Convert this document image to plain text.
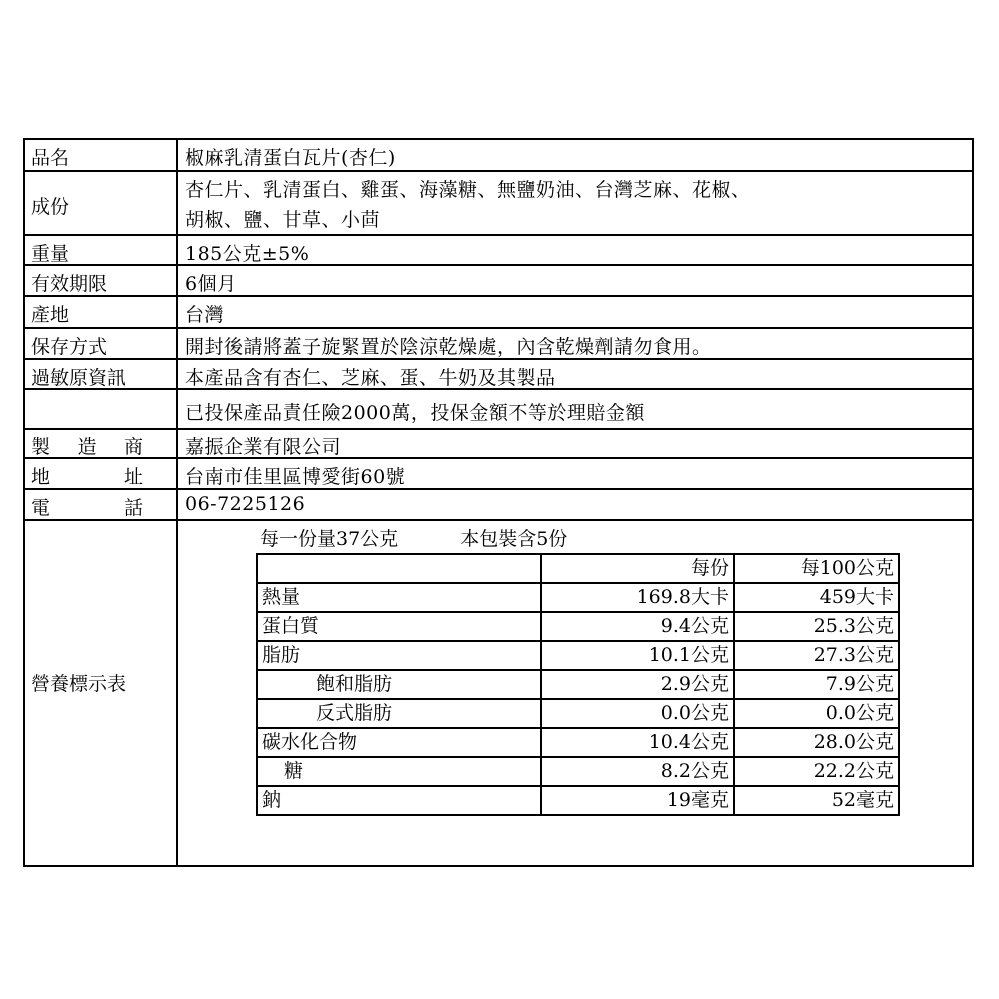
品名	椒麻乳清蛋白瓦片(杏仁)
成份
杏仁片、乳清蛋白、雞蛋、海藻糖、無鹽奶油、台灣芝麻、花椒、
胡椒、鹽、甘草、小茴
重量	185公克±5%
有效期限	6個月
產地	台灣
保存方式	開封後請將蓋子旋緊置於陰涼乾燥處，內含乾燥劑請勿食用。
過敏原資訊	本產品含有杏仁、芝麻、蛋、牛奶及其製品
已投保產品責任險2000萬，投保金額不等於理賠金額
製 造 商 嘉振企業有限公司
地	址 台南市佳里區博愛街60號
電	話 06-7225126
營養標示表
每一份量37公克	本包裝含5份
	每份	每100公克
熱量	169.8大卡	459大卡
蛋白質	9.4公克	25.3公克
脂肪	10.1公克	27.3公克
飽和脂肪	2.9公克	7.9公克
反式脂肪	0.0公克	0.0公克
碳水化合物	10.4公克	28.0公克
糖	8.2公克	22.2公克
鈉	19毫克	52毫克
